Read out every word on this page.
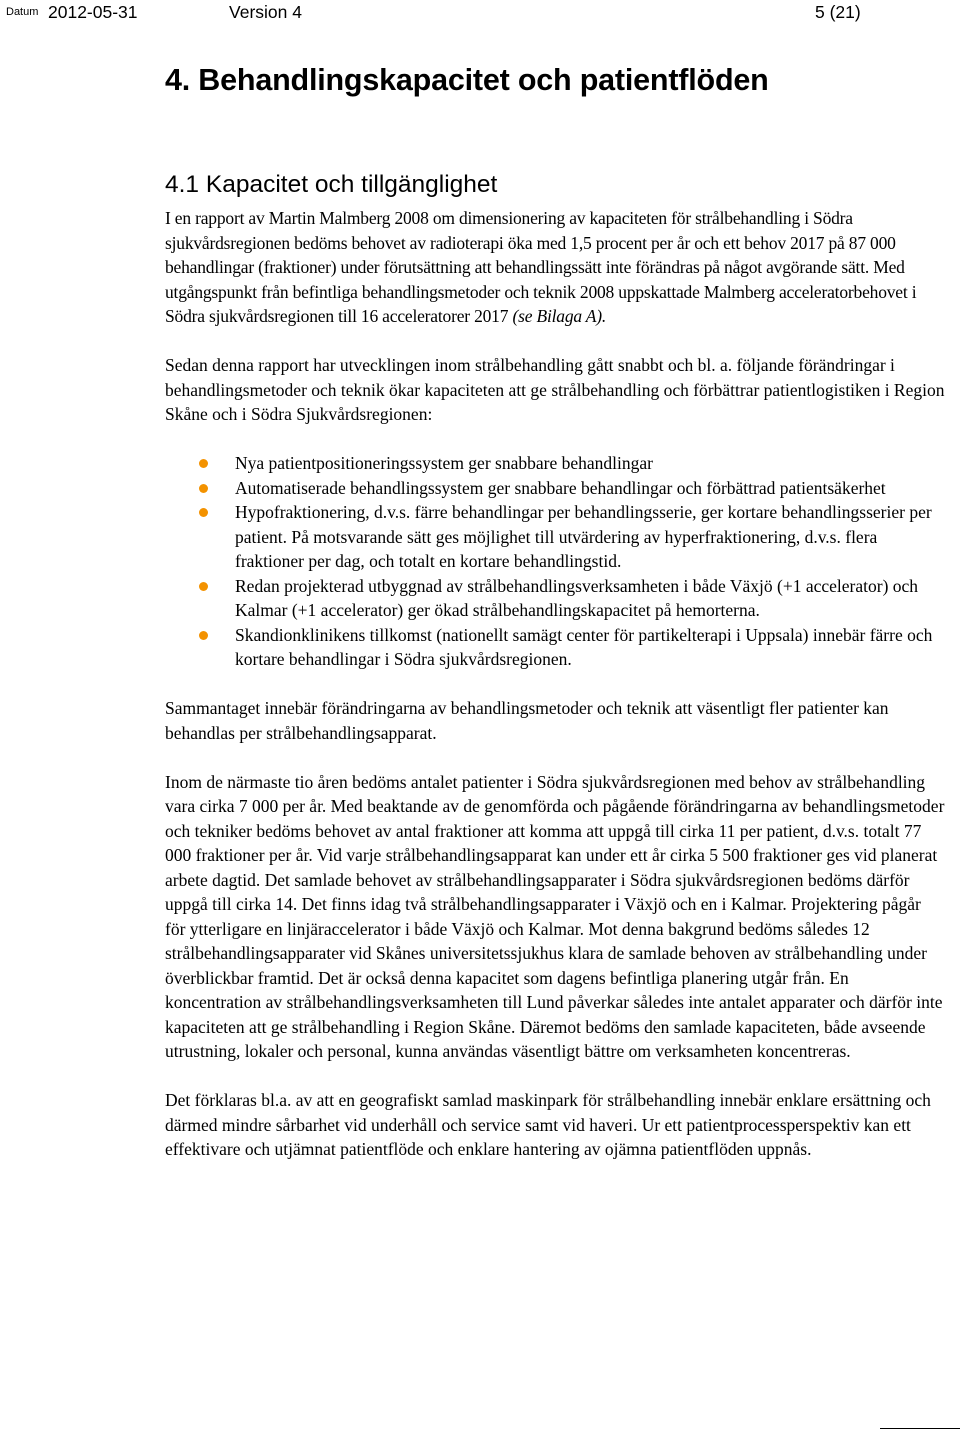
Datum 2012-05-31	Version 4	5 (21)
4. Behandlingskapacitet och patientflöden
4.1 Kapacitet och tillgänglighet

I en rapport av Martin Malmberg 2008 om dimensionering av kapaciteten för strålbehandling i Södra sjukvårdsregionen bedöms behovet av radioterapi öka med 1,5 procent per år och ett behov 2017 på 87 000 behandlingar (fraktioner) under förutsättning att behandlingssätt inte förändras på något avgörande sätt. Med utgångspunkt från befintliga behandlingsmetoder och teknik 2008 uppskattade Malmberg acceleratorbehovet i Södra sjukvårdsregionen till 16 acceleratorer 2017 (se Bilaga A).

Sedan denna rapport har utvecklingen inom strålbehandling gått snabbt och bl. a. följande förändringar i behandlingsmetoder och teknik ökar kapaciteten att ge strålbehandling och förbättrar patientlogistiken i Region Skåne och i Södra Sjukvårdsregionen:

Nya patientpositioneringssystem ger snabbare behandlingar
Automatiserade behandlingssystem ger snabbare behandlingar och förbättrad patientsäkerhet
Hypofraktionering, d.v.s. färre behandlingar per behandlingsserie, ger kortare behandlingsserier per patient. På motsvarande sätt ges möjlighet till utvärdering av hyperfraktionering, d.v.s. flera fraktioner per dag, och totalt en kortare behandlingstid.
Redan projekterad utbyggnad av strålbehandlingsverksamheten i både Växjö (+1 accelerator) och Kalmar (+1 accelerator) ger ökad strålbehandlingskapacitet på hemorterna.
Skandionklinikens tillkomst (nationellt samägt center för partikelterapi i Uppsala) innebär färre och kortare behandlingar i Södra sjukvårdsregionen.

Sammantaget innebär förändringarna av behandlingsmetoder och teknik att väsentligt fler patienter kan behandlas per strålbehandlingsapparat.

Inom de närmaste tio åren bedöms antalet patienter i Södra sjukvårdsregionen med behov av strålbehandling vara cirka 7 000 per år. Med beaktande av de genomförda och pågående förändringarna av behandlingsmetoder och tekniker bedöms behovet av antal fraktioner att komma att uppgå till cirka 11 per patient, d.v.s. totalt 77 000 fraktioner per år. Vid varje strålbehandlingsapparat kan under ett år cirka 5 500 fraktioner ges vid planerat arbete dagtid. Det samlade behovet av strålbehandlingsapparater i Södra sjukvårdsregionen bedöms därför uppgå till cirka 14. Det finns idag två strålbehandlingsapparater i Växjö och en i Kalmar. Projektering pågår för ytterligare en linjäraccelerator i både Växjö och Kalmar. Mot denna bakgrund bedöms således 12 strålbehandlingsapparater vid Skånes universitetssjukhus klara de samlade behoven av strålbehandling under överblickbar framtid. Det är också denna kapacitet som dagens befintliga planering utgår från. En koncentration av strålbehandlingsverksamheten till Lund påverkar således inte antalet apparater och därför inte kapaciteten att ge strålbehandling i Region Skåne. Däremot bedöms den samlade kapaciteten, både avseende utrustning, lokaler och personal, kunna användas väsentligt bättre om verksamheten koncentreras.

Det förklaras bl.a. av att en geografiskt samlad maskinpark för strålbehandling innebär enklare ersättning och därmed mindre sårbarhet vid underhåll och service samt vid haveri. Ur ett patientprocessperspektiv kan ett effektivare och utjämnat patientflöde och enklare hantering av ojämna patientflöden uppnås.
